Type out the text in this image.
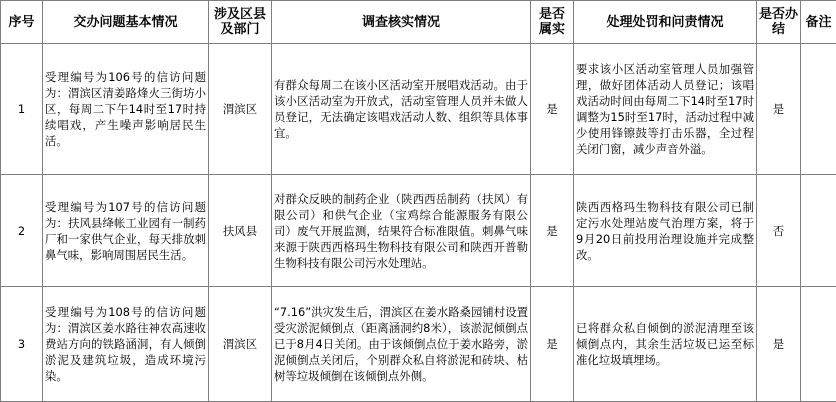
序号	交办问题基本情况	涉及区县及部门	调查核实情况	是否属实	处理处罚和问责情况	是否办结	备注
1	受理编号为106号的信访问题为：渭滨区清姜路烽火三街坊小区，每周二下午14时至17时持续唱戏，产生噪声影响居民生活。	渭滨区	有群众每周二在该小区活动室开展唱戏活动。由于该小区活动室为开放式，活动室管理人员并未做人员登记，无法确定该唱戏活动人数、组织等具体事宜。	是	要求该小区活动室管理人员加强管理，做好团体活动人员登记；该唱戏活动时间由每周二下14时至17时调整为15时至17时，活动过程中减少使用锋镲鼓等打击乐器，全过程关闭门窗，减少声音外溢。	是	
2	受理编号为107号的信访问题为：扶风县绛帐工业园有一制药厂和一家供气企业，每天排放刺鼻气味，影响周围居民生活。	扶风县	对群众反映的制药企业（陕西西岳制药（扶风）有限公司）和供气企业（宝鸡综合能源服务有限公司）废气开展监测，结果符合标准限值。刺鼻气味来源于陕西西格玛生物科技有限公司和陕西开普勒生物科技有限公司污水处理站。	是	陕西西格玛生物科技有限公司已制定污水处理站废气治理方案，将于9月20日前投用治理设施并完成整改。	否	
3	受理编号为108号的信访问题为：渭滨区姜水路往神农高速收费站方向的铁路涵洞，有人倾倒淤泥及建筑垃圾，造成环境污染。	渭滨区	“7.16”洪灾发生后，渭滨区在姜水路桑园铺村设置受灾淤泥倾倒点（距离涵洞约8米），该淤泥倾倒点已于8月4日关闭。由于该倾倒点位于姜水路旁，淤泥倾倒点关闭后，个别群众私自将淤泥和砖块、枯树等垃圾倾倒在该倾倒点外侧。	是	已将群众私自倾倒的淤泥清理至该倾倒点内，其余生活垃圾已运至标准化垃圾填埋场。	是	
